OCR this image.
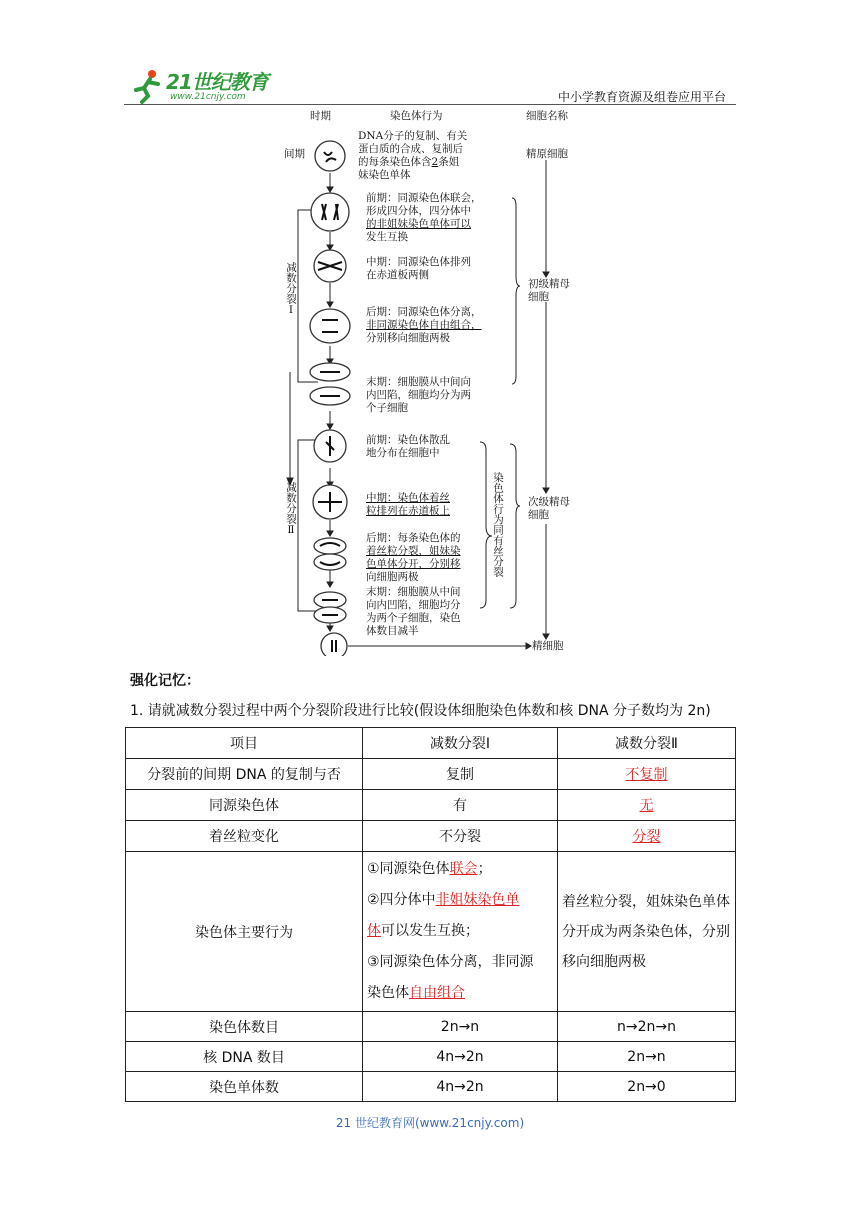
21世纪教育
www.21cnjy.com	中小学教育资源及组卷应用平台
时期	染色体行为	细胞名称
间期
DNA分子的复制、有关
蛋白质的合成、复制后
的每条染色体含2条姐
妹染色单体
精原细胞
前期：同源染色体联会，
形成四分体，四分体中
的非姐妹染色单体可以
发生互换
中期：同源染色体排列
在赤道板两侧
后期：同源染色体分离，
非同源染色体自由组合，
分别移向细胞两极
末期：细胞膜从中间向
内凹陷，细胞均分为两
个子细胞
减数分裂Ⅰ	初级精母细胞
前期：染色体散乱
地分布在细胞中
中期：染色体着丝
粒排列在赤道板上
后期：每条染色体的
着丝粒分裂，姐妹染
色单体分开，分别移
向细胞两极
末期：细胞膜从中间
向内凹陷，细胞均分
为两个子细胞，染色
体数目减半
减数分裂Ⅱ	染色体行为同有丝分裂 次级精母细胞
精细胞
强化记忆：
1. 请就减数分裂过程中两个分裂阶段进行比较(假设体细胞染色体数和核 DNA 分子数均为 2n)
项目	减数分裂Ⅰ	减数分裂Ⅱ
分裂前的间期 DNA 的复制与否	复制	不复制
同源染色体	有	无
着丝粒变化	不分裂	分裂
染色体主要行为	①同源染色体联会；
②四分体中非姐妹染色单
体可以发生互换；
③同源染色体分离，非同源
染色体自由组合	着丝粒分裂，姐妹染色单体分开成为两条染色体，分别移向细胞两极
染色体数目	2n→n	n→2n→n
核 DNA 数目	4n→2n	2n→n
染色单体数	4n→2n	2n→0
21 世纪教育网(www.21cnjy.com)
